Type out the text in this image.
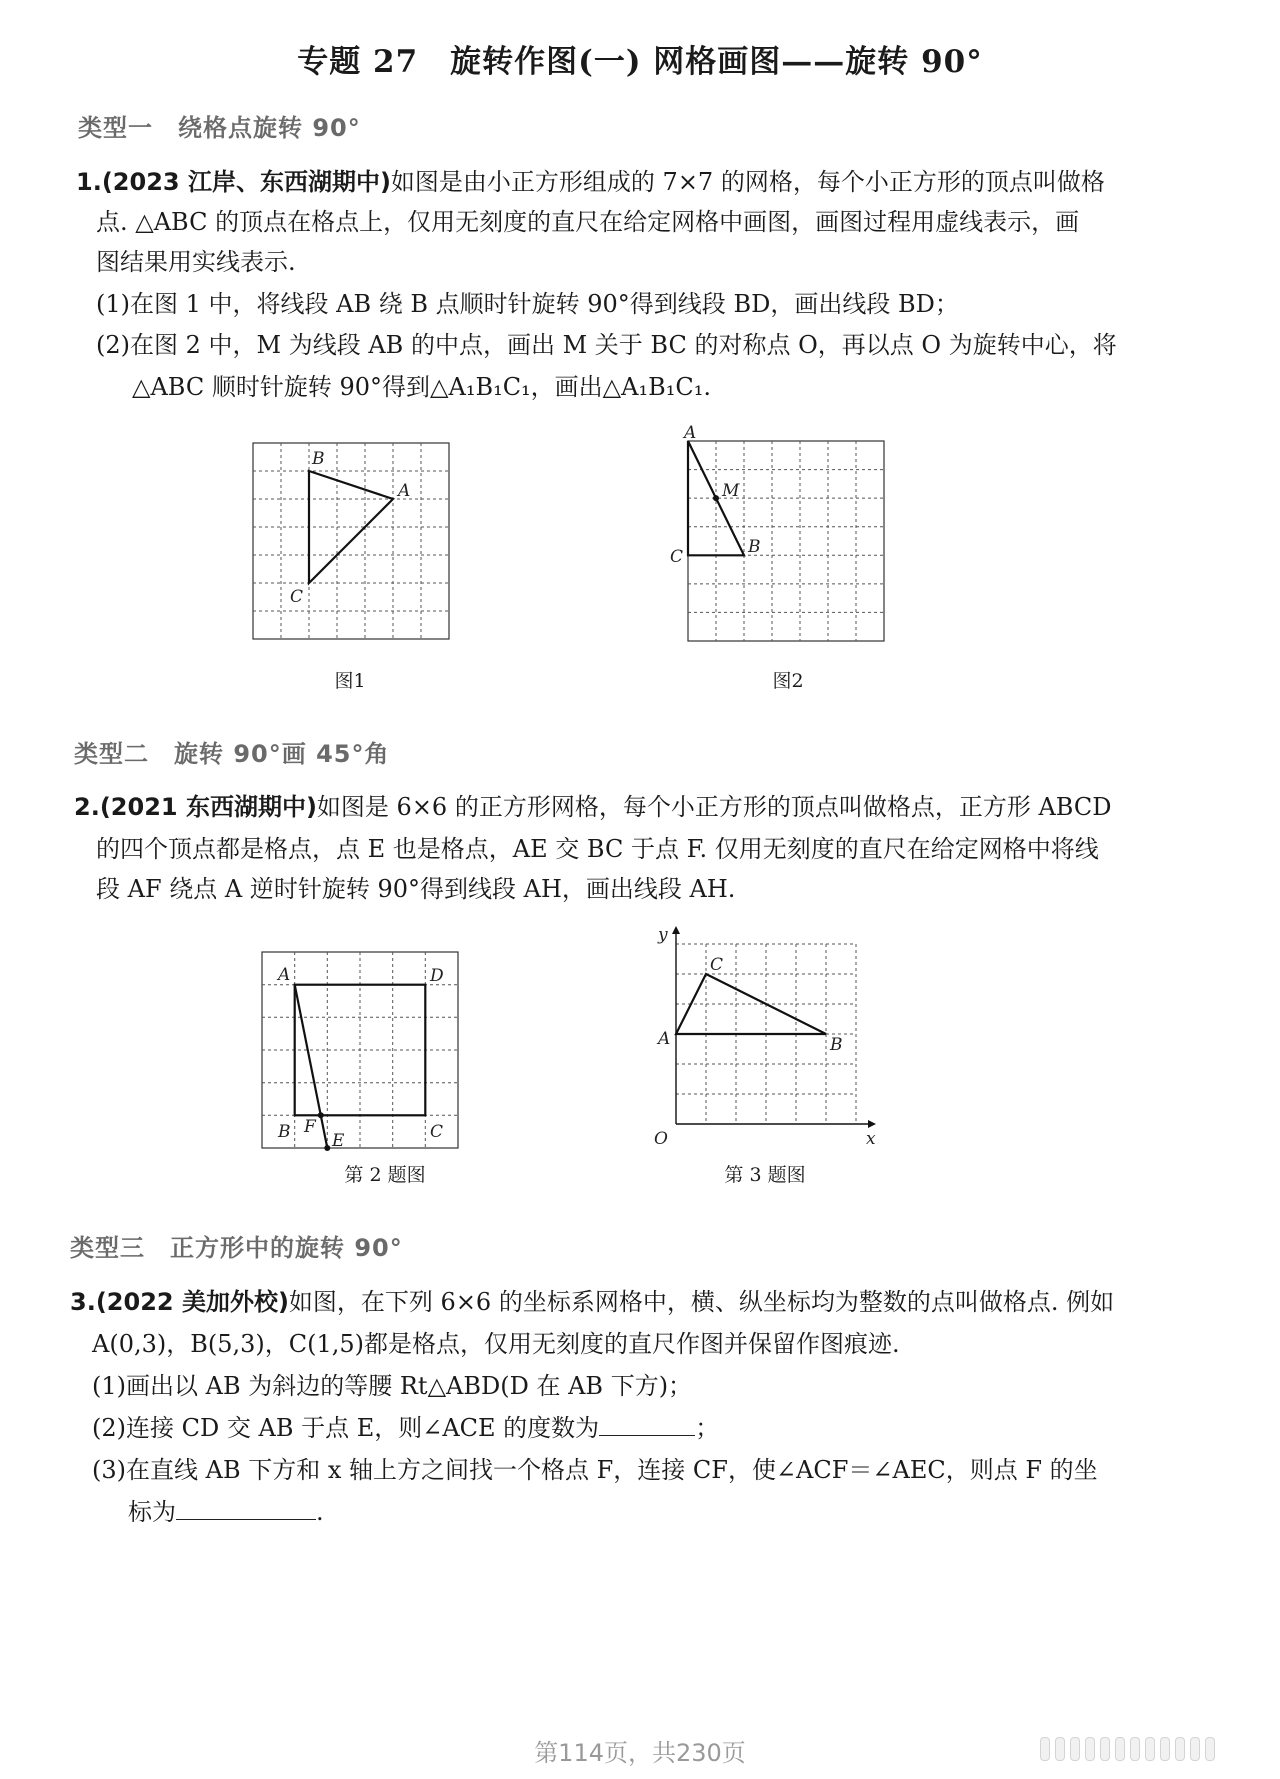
专题 27　旋转作图(一) 网格画图——旋转 90°
类型一　绕格点旋转 90°
1.(2023 江岸、东西湖期中)如图是由小正方形组成的 7×7 的网格，每个小正方形的顶点叫做格
点. △ABC 的顶点在格点上，仅用无刻度的直尺在给定网格中画图，画图过程用虚线表示，画
图结果用实线表示.
(1)在图 1 中，将线段 AB 绕 B 点顺时针旋转 90°得到线段 BD，画出线段 BD；
(2)在图 2 中，M 为线段 AB 的中点，画出 M 关于 BC 的对称点 O，再以点 O 为旋转中心，将
△ABC 顺时针旋转 90°得到△A₁B₁C₁，画出△A₁B₁C₁.
B
A
C
图1
A
M
B
C
图2
类型二　旋转 90°画 45°角
2.(2021 东西湖期中)如图是 6×6 的正方形网格，每个小正方形的顶点叫做格点，正方形 ABCD
的四个顶点都是格点，点 E 也是格点，AE 交 BC 于点 F. 仅用无刻度的直尺在给定网格中将线
段 AF 绕点 A 逆时针旋转 90°得到线段 AH，画出线段 AH.
A	D
B F
E	C
第 2 题图
y
x
O
A	B
C
第 3 题图
类型三　正方形中的旋转 90°
3.(2022 美加外校)如图，在下列 6×6 的坐标系网格中，横、纵坐标均为整数的点叫做格点. 例如
A(0,3)，B(5,3)，C(1,5)都是格点，仅用无刻度的直尺作图并保留作图痕迹.
(1)画出以 AB 为斜边的等腰 Rt△ABD(D 在 AB 下方)；
(2)连接 CD 交 AB 于点 E，则∠ACE 的度数为	；
(3)在直线 AB 下方和 x 轴上方之间找一个格点 F，连接 CF，使∠ACF＝∠AEC，则点 F 的坐
标为	.
第114页，共230页
